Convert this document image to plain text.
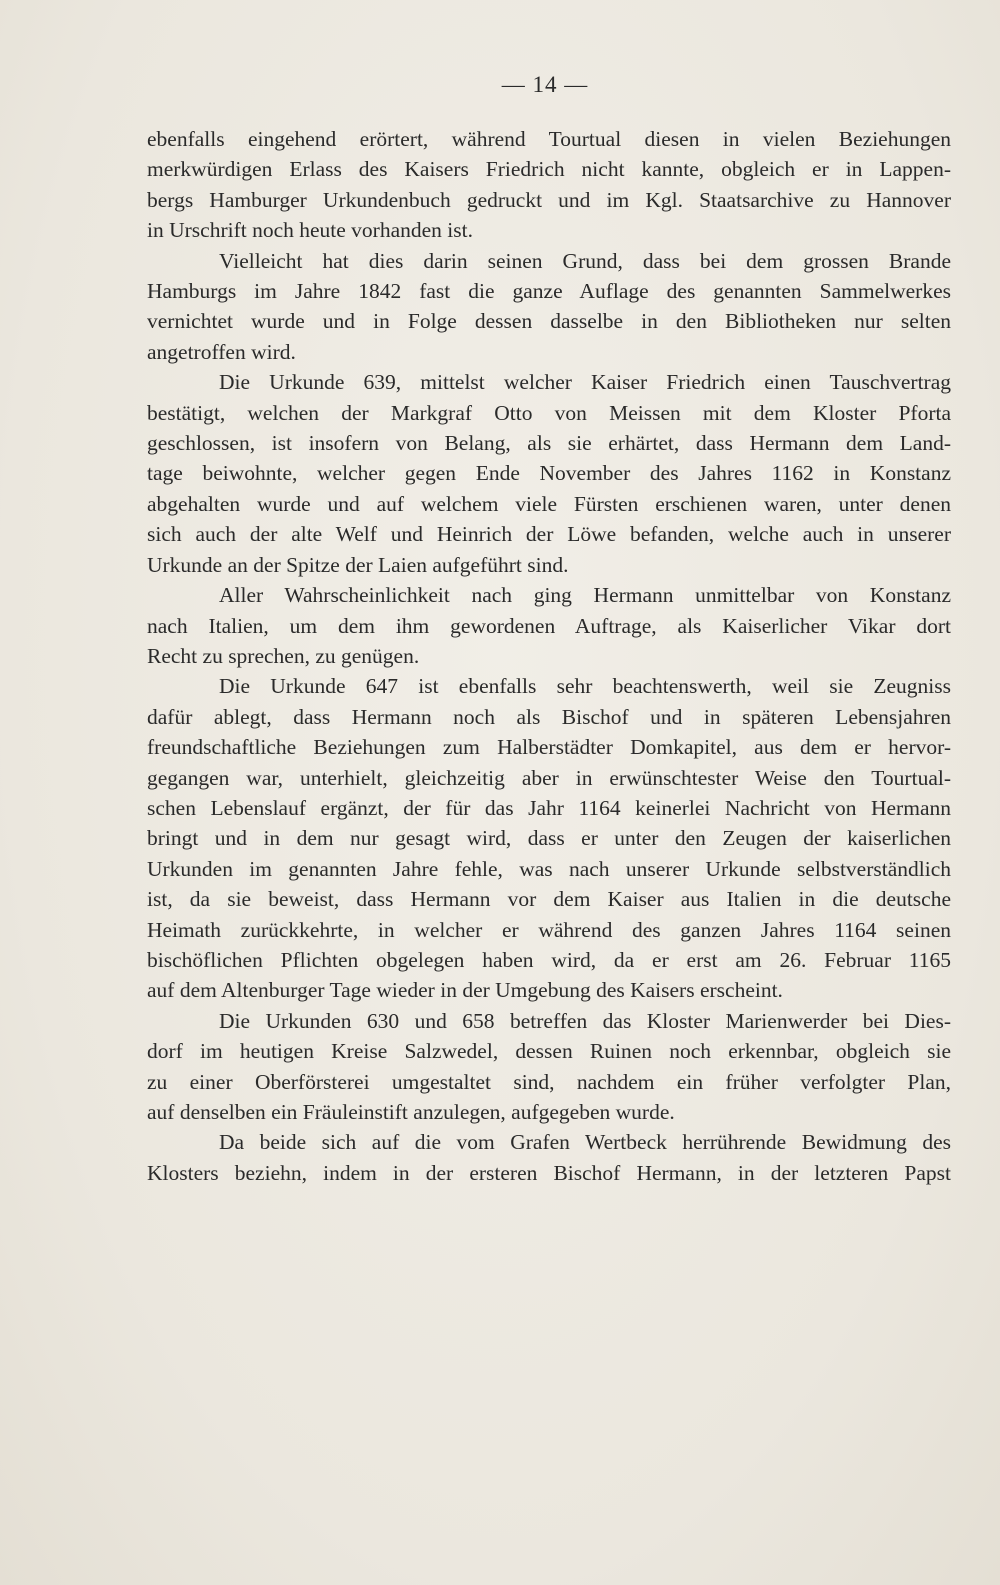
— 14 —

ebenfalls eingehend erörtert, während Tourtual diesen in vielen Beziehungen

merkwürdigen Erlass des Kaisers Friedrich nicht kannte, obgleich er in Lappen-

bergs Hamburger Urkundenbuch gedruckt und im Kgl. Staatsarchive zu Hannover

in Urschrift noch heute vorhanden ist.

Vielleicht hat dies darin seinen Grund, dass bei dem grossen Brande

Hamburgs im Jahre 1842 fast die ganze Auflage des genannten Sammelwerkes

vernichtet wurde und in Folge dessen dasselbe in den Bibliotheken nur selten

angetroffen wird.

Die Urkunde 639, mittelst welcher Kaiser Friedrich einen Tauschvertrag

bestätigt, welchen der Markgraf Otto von Meissen mit dem Kloster Pforta

geschlossen, ist insofern von Belang, als sie erhärtet, dass Hermann dem Land-

tage beiwohnte, welcher gegen Ende November des Jahres 1162 in Konstanz

abgehalten wurde und auf welchem viele Fürsten erschienen waren, unter denen

sich auch der alte Welf und Heinrich der Löwe befanden, welche auch in unserer

Urkunde an der Spitze der Laien aufgeführt sind.

Aller Wahrscheinlichkeit nach ging Hermann unmittelbar von Konstanz

nach Italien, um dem ihm gewordenen Auftrage, als Kaiserlicher Vikar dort

Recht zu sprechen, zu genügen.

Die Urkunde 647 ist ebenfalls sehr beachtenswerth, weil sie Zeugniss

dafür ablegt, dass Hermann noch als Bischof und in späteren Lebensjahren

freundschaftliche Beziehungen zum Halberstädter Domkapitel, aus dem er hervor-

gegangen war, unterhielt, gleichzeitig aber in erwünschtester Weise den Tourtual-

schen Lebenslauf ergänzt, der für das Jahr 1164 keinerlei Nachricht von Hermann

bringt und in dem nur gesagt wird, dass er unter den Zeugen der kaiserlichen

Urkunden im genannten Jahre fehle, was nach unserer Urkunde selbstverständlich

ist, da sie beweist, dass Hermann vor dem Kaiser aus Italien in die deutsche

Heimath zurückkehrte, in welcher er während des ganzen Jahres 1164 seinen

bischöflichen Pflichten obgelegen haben wird, da er erst am 26. Februar 1165

auf dem Altenburger Tage wieder in der Umgebung des Kaisers erscheint.

Die Urkunden 630 und 658 betreffen das Kloster Marienwerder bei Dies-

dorf im heutigen Kreise Salzwedel, dessen Ruinen noch erkennbar, obgleich sie

zu einer Oberförsterei umgestaltet sind, nachdem ein früher verfolgter Plan,

auf denselben ein Fräuleinstift anzulegen, aufgegeben wurde.

Da beide sich auf die vom Grafen Wertbeck herrührende Bewidmung des

Klosters beziehn, indem in der ersteren Bischof Hermann, in der letzteren Papst
